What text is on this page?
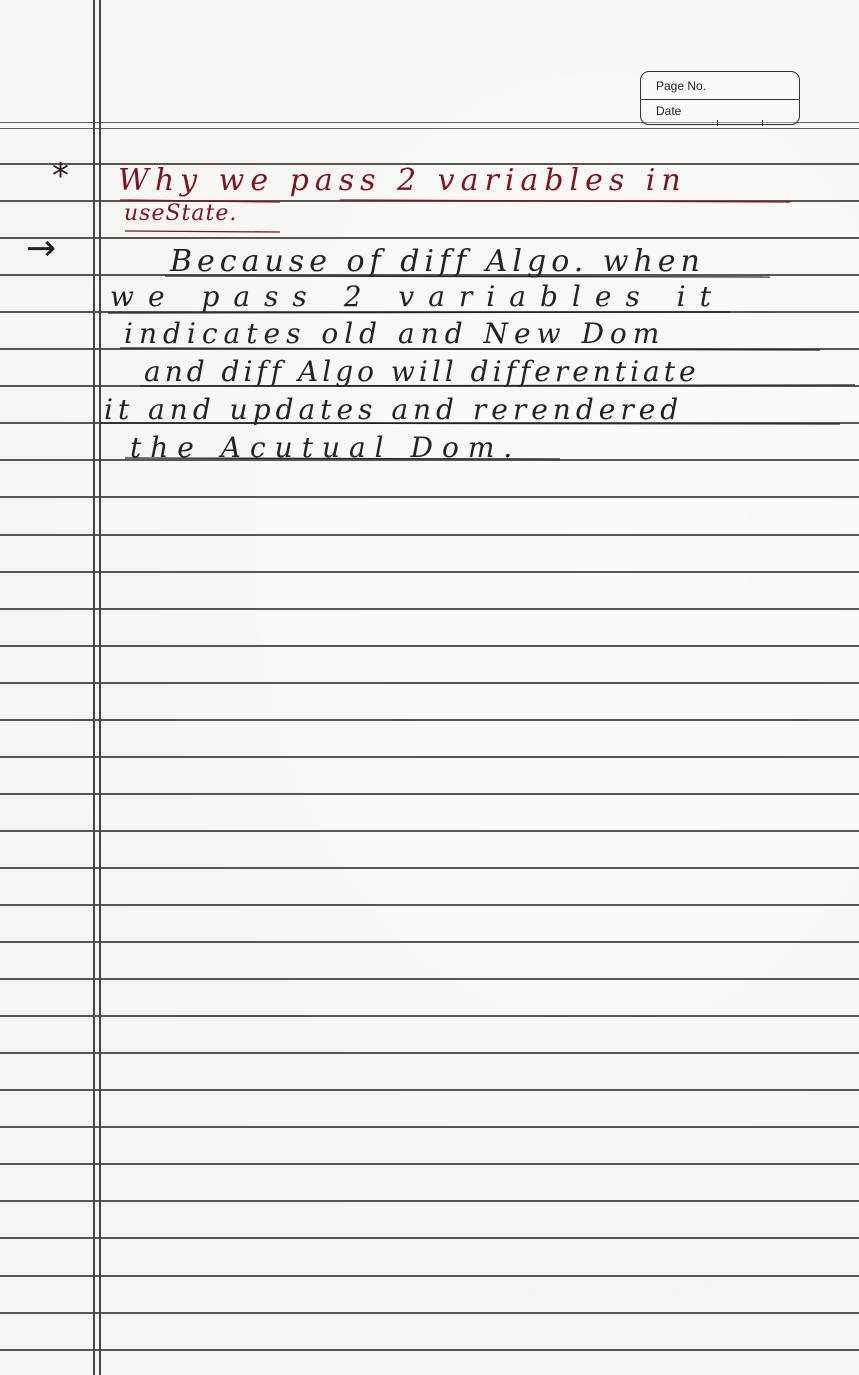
Page No.
Date
*
→
Why we pass 2 variables in
useState.
Because of diff Algo. when
we pass 2 variables it
indicates old and New Dom
and diff Algo will differentiate
it and updates and rerendered
the Acutual Dom.
